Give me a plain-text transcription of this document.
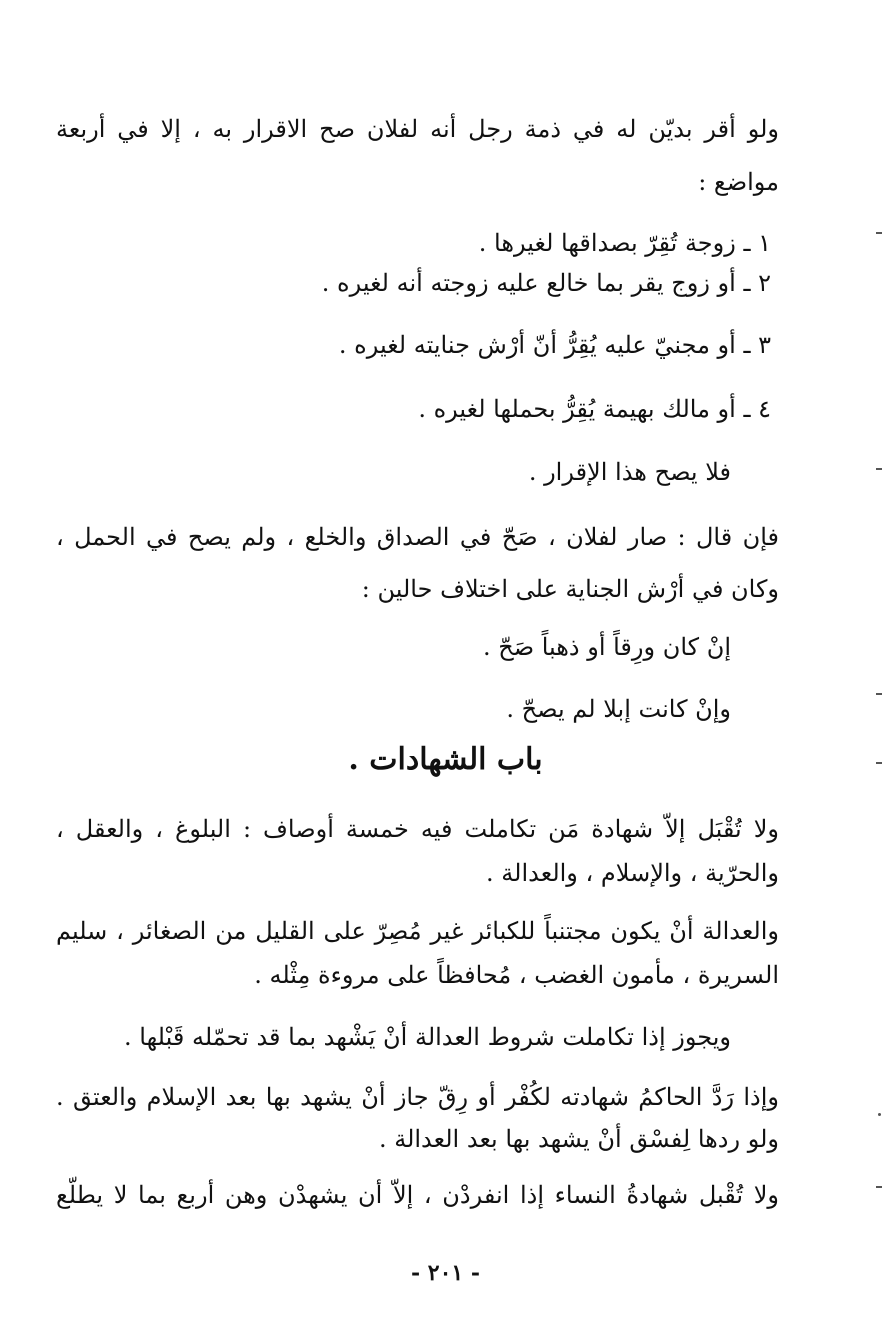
ولو أقر بديّن له في ذمة رجل أنه لفلان صح الاقرار به ، إلا في أربعة
مواضع :
١ ـ زوجة تُقِرّ بصداقها لغيرها .
٢ ـ أو زوج يقر بما خالع عليه زوجته أنه لغيره .
٣ ـ أو مجنيّ عليه يُقِرُّ أنّ أرْش جنايته لغيره .
٤ ـ أو مالك بهيمة يُقِرُّ بحملها لغيره .
فلا يصح هذا الإقرار .
فإن قال : صار لفلان ، صَحّ في الصداق والخلع ، ولم يصح في الحمل ،
وكان في أرْش الجناية على اختلاف حالين :
إنْ كان ورِقاً أو ذهباً صَحّ .
وإنْ كانت إبلا لم يصحّ .
باب الشهادات .
ولا تُقْبَل إلاّ شهادة مَن تكاملت فيه خمسة أوصاف : البلوغ ، والعقل ،
والحرّية ، والإسلام ، والعدالة .
والعدالة أنْ يكون مجتنباً للكبائر غير مُصِرّ على القليل من الصغائر ، سليم
السريرة ، مأمون الغضب ، مُحافظاً على مروءة مِثْله .
ويجوز إذا تكاملت شروط العدالة أنْ يَشْهد بما قد تحمّله قَبْلها .
وإذا رَدَّ الحاكمُ شهادته لكُفْر أو رِقّ جاز أنْ يشهد بها بعد الإسلام والعتق .
ولو ردها لِفسْق أنْ يشهد بها بعد العدالة .
ولا تُقْبل شهادةُ النساء إذا انفردْن ، إلاّ أن يشهدْن وهن أربع بما لا يطلّع
- ٢٠١ -
